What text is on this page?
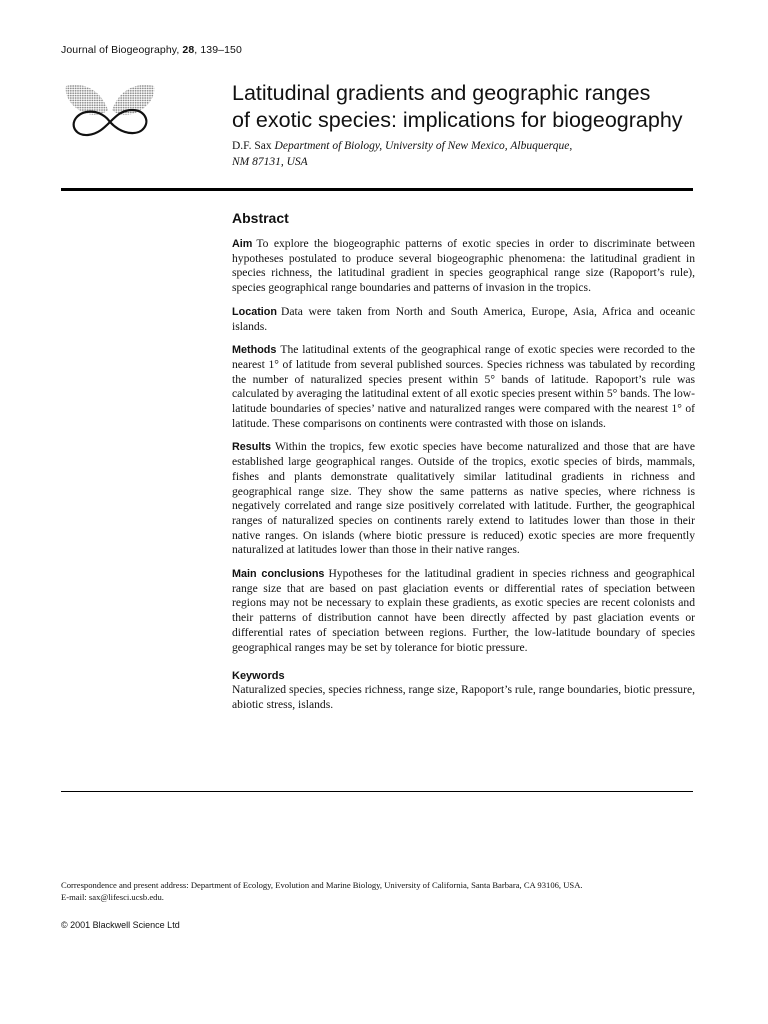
Journal of Biogeography, 28, 139–150
Latitudinal gradients and geographic ranges
of exotic species: implications for biogeography
D.F. Sax Department of Biology, University of New Mexico, Albuquerque,
NM 87131, USA
Abstract

Aim To explore the biogeographic patterns of exotic species in order to discriminate between hypotheses postulated to produce several biogeographic phenomena: the latitudinal gradient in species richness, the latitudinal gradient in species geographical range size (Rapoport’s rule), species geographical range boundaries and patterns of invasion in the tropics.

Location Data were taken from North and South America, Europe, Asia, Africa and oceanic islands.

Methods The latitudinal extents of the geographical range of exotic species were recorded to the nearest 1° of latitude from several published sources. Species richness was tabulated by recording the number of naturalized species present within 5° bands of latitude. Rapoport’s rule was calculated by averaging the latitudinal extent of all exotic species present within 5° bands. The low-latitude boundaries of species’ native and naturalized ranges were compared with the nearest 1° of latitude. These comparisons on continents were contrasted with those on islands.

Results Within the tropics, few exotic species have become naturalized and those that are have established large geographical ranges. Outside of the tropics, exotic species of birds, mammals, fishes and plants demonstrate qualitatively similar latitudinal gradients in richness and geographical range size. They show the same patterns as native species, where richness is negatively correlated and range size positively correlated with latitude. Further, the geographical ranges of naturalized species on continents rarely extend to latitudes lower than those in their native ranges. On islands (where biotic pressure is reduced) exotic species are more frequently naturalized at latitudes lower than those in their native ranges.

Main conclusions Hypotheses for the latitudinal gradient in species richness and geographical range size that are based on past glaciation events or differential rates of speciation between regions may not be necessary to explain these gradients, as exotic species are recent colonists and their patterns of distribution cannot have been directly affected by past glaciation events or differential rates of speciation between regions. Further, the low-latitude boundary of species geographical ranges may be set by tolerance for biotic pressure.

Keywords

Naturalized species, species richness, range size, Rapoport’s rule, range boundaries, biotic pressure, abiotic stress, islands.

Correspondence and present address: Department of Ecology, Evolution and Marine Biology, University of California, Santa Barbara, CA 93106, USA.
E-mail: sax@lifesci.ucsb.edu.
© 2001 Blackwell Science Ltd
